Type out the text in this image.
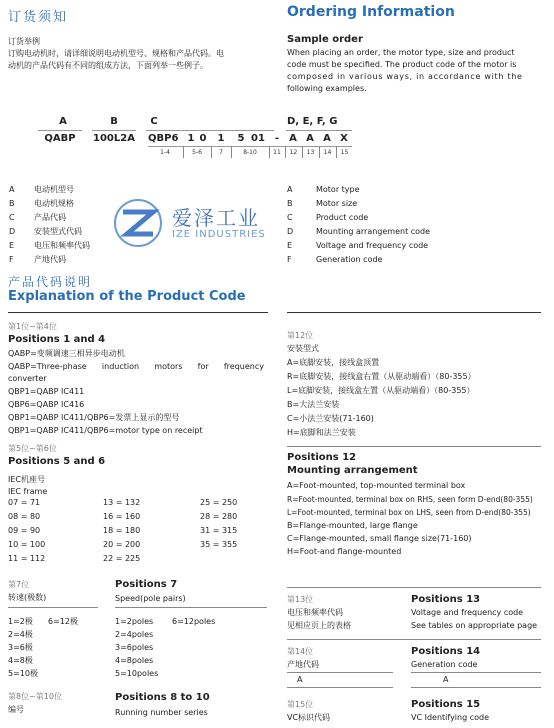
订货须知	Ordering Information
订货举例
订购电动机时，请详细说明电动机型号、规格和产品代码。电
动机的产品代码有不同的组成方法，下面列举一些例子。
Sample order
When placing an order, the motor type, size and product
code must be specified. The product code of the motor is
composed in various ways, in accordance with the
following examples.
A	B	C	D, E, F, G
QABP	100L2A QBP6 1 0 1 5 01 - A A A X
1-4	5-6	7	8-10	11	12	13	14	15
A 电动机型号
B 电动机规格
C 产品代码
D 安装型式代码
E 电压和频率代码
F	产地代码
爱泽工业
IZE INDUSTRIES
A	Motor type
B	Motor size
C	Product code
D	Mounting arrangement code
E	Voltage and frequency code
F	Generation code
产品代码说明
Explanation of the Product Code
第1位~第4位
Positions 1 and 4
QABP=变频调速三相异步电动机
QABP=Three-phase induction motors for frequency
converter
QBP1=QABP IC411
QBP6=QABP IC416
QBP1=QABP IC411/QBP6=发票上显示的型号
QBP1=QABP IC411/QBP6=motor type on receipt
第5位~第6位
Positions 5 and 6
IEC机座号
IEC frame
07 = 71	13 = 132	25 = 250
08 = 80	16 = 160	28 = 280
09 = 90	18 = 180	31 = 315
10 = 100	20 = 200	35 = 355
11 = 112	22 = 225
第7位
转速(极数)
Positions 7
Speed(pole pairs)
1=2极 6=12极
2=4极
3=6极
4=8极
5=10极
1=2poles 6=12poles
2=4poles
3=6poles
4=8poles
5=10poles
第8位~第10位
编号
Positions 8 to 10
Running number series
第12位
安装型式
A=底脚安装，接线盒顶置
R=底脚安装，接线盒右置（从驱动端看）（80-355）
L=底脚安装，接线盒左置（从驱动端看）（80-355）
B=大法兰安装
C=小法兰安装(71-160)
H=底脚和法兰安装
Positions 12
Mounting arrangement
A=Foot-mounted, top-mounted terminal box
R=Foot-mounted, terminal box on RHS, seen form D-end(80-355)
L=Foot-mounted, terminal box on LHS, seen from D-end(80-355)
B=Flange-mounted, large flange
C=Flange-mounted, small flange size(71-160)
H=Foot-and flange-mounted
第13位
电压和频率代码
见相应页上的表格
Positions 13
Voltage and frequency code
See tables on appropriate page
第14位
产地代码
Positions 14
Generation code
A	A
第15位
VC标识代码
Positions 15
VC Identifying code
